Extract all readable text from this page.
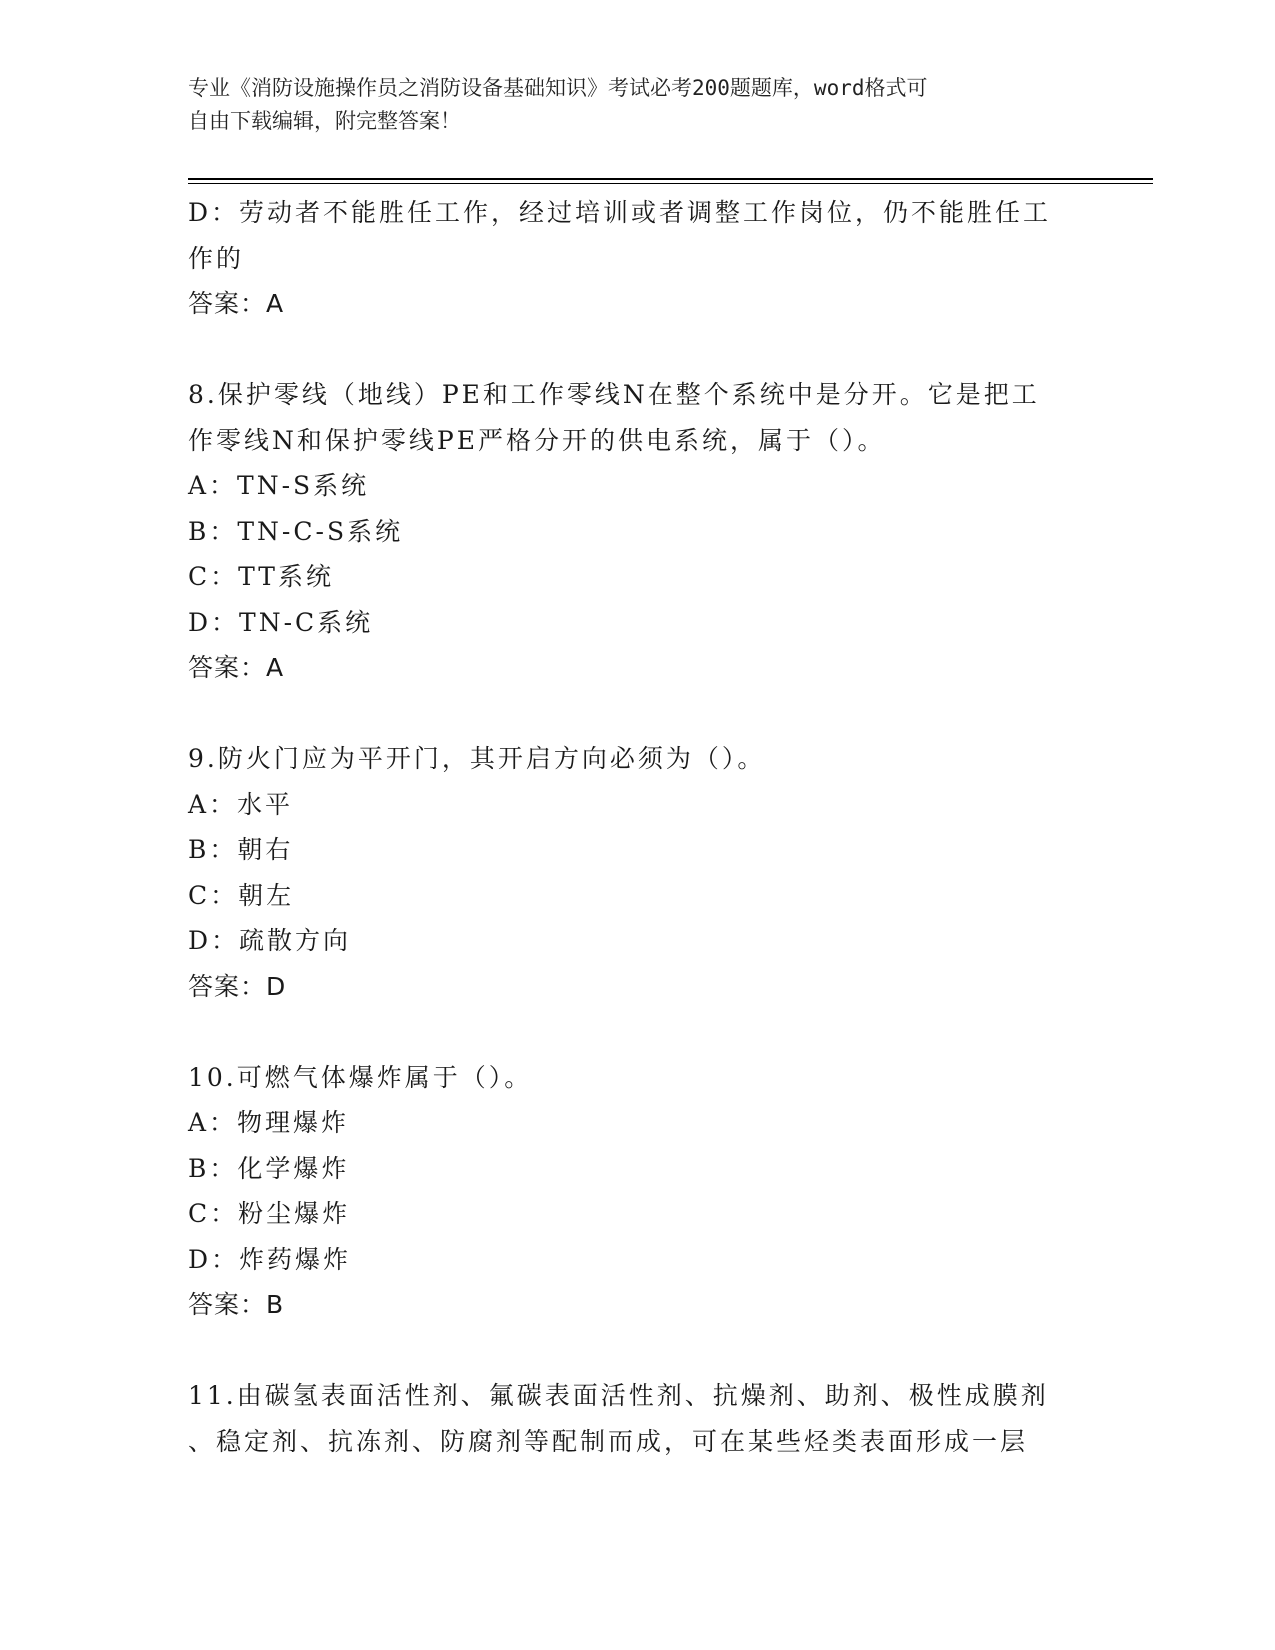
专业《消防设施操作员之消防设备基础知识》考试必考200题题库，word格式可
自由下载编辑，附完整答案！
D：劳动者不能胜任工作，经过培训或者调整工作岗位，仍不能胜任工
作的
答案：A
8.保护零线（地线）PE和工作零线N在整个系统中是分开。它是把工
作零线N和保护零线PE严格分开的供电系统，属于（）。
A：TN-S系统
B：TN-C-S系统
C：TT系统
D：TN-C系统
答案：A
9.防火门应为平开门，其开启方向必须为（）。
A：水平
B：朝右
C：朝左
D：疏散方向
答案：D
10.可燃气体爆炸属于（）。
A：物理爆炸
B：化学爆炸
C：粉尘爆炸
D：炸药爆炸
答案：B
11.由碳氢表面活性剂、氟碳表面活性剂、抗燥剂、助剂、极性成膜剂
、稳定剂、抗冻剂、防腐剂等配制而成，可在某些烃类表面形成一层
